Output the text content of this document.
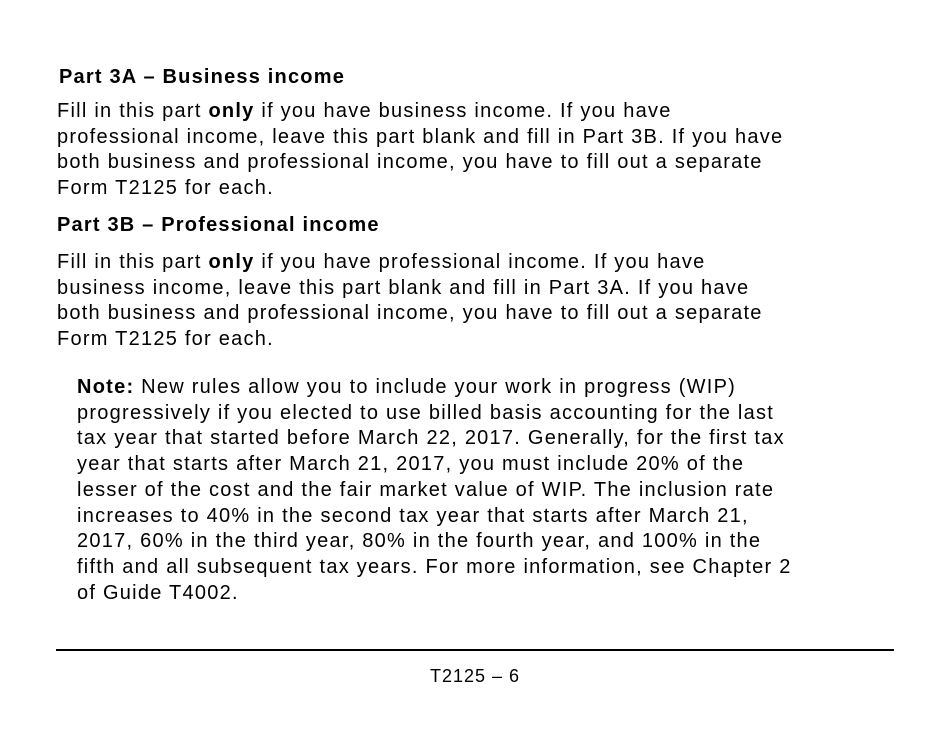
Part 3A – Business income

Fill in this part only if you have business income. If you have
professional income, leave this part blank and fill in Part 3B. If you have
both business and professional income, you have to fill out a separate
Form T2125 for each.

Part 3B – Professional income

Fill in this part only if you have professional income. If you have
business income, leave this part blank and fill in Part 3A. If you have
both business and professional income, you have to fill out a separate
Form T2125 for each.

Note: New rules allow you to include your work in progress (WIP)
progressively if you elected to use billed basis accounting for the last
tax year that started before March 22, 2017. Generally, for the first tax
year that starts after March 21, 2017, you must include 20% of the
lesser of the cost and the fair market value of WIP. The inclusion rate
increases to 40% in the second tax year that starts after March 21,
2017, 60% in the third year, 80% in the fourth year, and 100% in the
fifth and all subsequent tax years. For more information, see Chapter 2
of Guide T4002.

T2125 – 6
